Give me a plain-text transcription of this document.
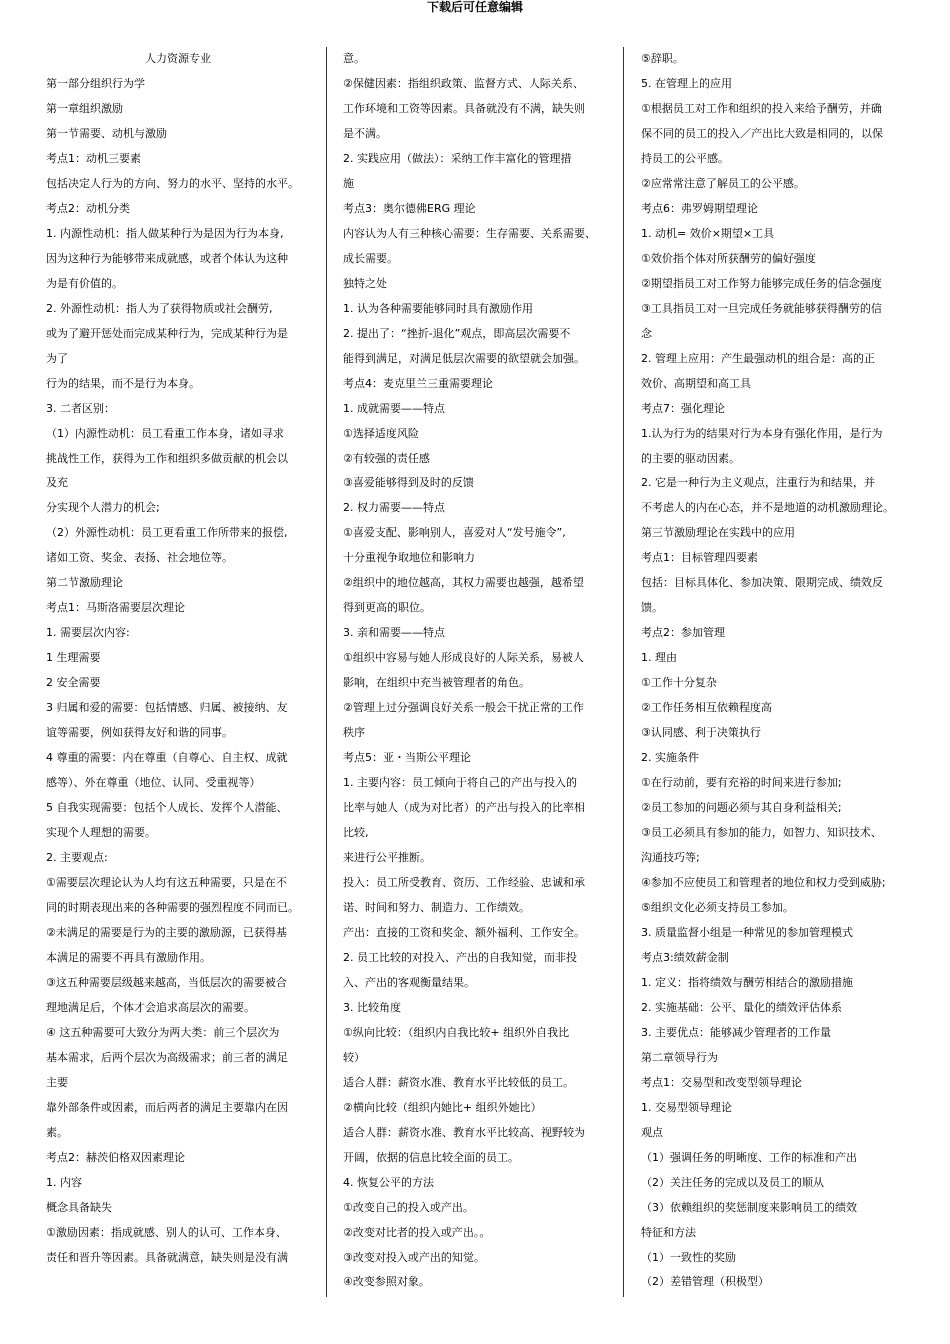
下载后可任意编辑
人力资源专业
第一部分组织行为学
第一章组织激励
第一节需要、动机与激励
考点1：动机三要素
包括决定人行为的方向、努力的水平、坚持的水平。
考点2：动机分类
1. 内源性动机：指人做某种行为是因为行为本身,
因为这种行为能够带来成就感，或者个体认为这种
为是有价值的。
2. 外源性动机：指人为了获得物质或社会酬劳,
或为了避开惩处而完成某种行为，完成某种行为是
为了
行为的结果，而不是行为本身。
3. 二者区别：
（1）内源性动机：员工看重工作本身，诸如寻求
挑战性工作，获得为工作和组织多做贡献的机会以
及充
分实现个人潜力的机会;
（2）外源性动机：员工更看重工作所带来的报偿,
诸如工资、奖金、表扬、社会地位等。
第二节激励理论
考点1：马斯洛需要层次理论
1. 需要层次内容:
1 生理需要
2 安全需要
3 归属和爱的需要：包括情感、归属、被接纳、友
谊等需要，例如获得友好和谐的同事。
4 尊重的需要：内在尊重（自尊心、自主权、成就
感等）、外在尊重（地位、认同、受重视等）
5 自我实现需要：包括个人成长、发挥个人潜能、
实现个人理想的需要。
2. 主要观点:
①需要层次理论认为人均有这五种需要，只是在不
同的时期表现出来的各种需要的强烈程度不同而已。
②未满足的需要是行为的主要的激励源，已获得基
本满足的需要不再具有激励作用。
③这五种需要层级越来越高，当低层次的需要被合
理地满足后，个体才会追求高层次的需要。
④ 这五种需要可大致分为两大类：前三个层次为
基本需求，后两个层次为高级需求；前三者的满足
主要
靠外部条件或因素，而后两者的满足主要靠内在因
素。
考点2：赫茨伯格双因素理论
1. 内容
概念具备缺失
①激励因素：指成就感、别人的认可、工作本身、
责任和晋升等因素。具备就满意，缺失则是没有满
意。
②保健因素：指组织政策、监督方式、人际关系、
工作环境和工资等因素。具备就没有不满，缺失则
是不满。
2. 实践应用（做法）：采纳工作丰富化的管理措
施
考点3：奥尔德佛ERG 理论
内容认为人有三种核心需要：生存需要、关系需要、
成长需要。
独特之处
1. 认为各种需要能够同时具有激励作用
2. 提出了：“挫折-退化”观点，即高层次需要不
能得到满足，对满足低层次需要的欲望就会加强。
考点4：麦克里兰三重需要理论
1. 成就需要——特点
①选择适度风险
②有较强的责任感
③喜爱能够得到及时的反馈
2. 权力需要——特点
①喜爱支配、影响别人，喜爱对人“发号施令”,
十分重视争取地位和影响力
②组织中的地位越高，其权力需要也越强，越希望
得到更高的职位。
3. 亲和需要——特点
①组织中容易与她人形成良好的人际关系，易被人
影响，在组织中充当被管理者的角色。
②管理上过分强调良好关系一般会干扰正常的工作
秩序
考点5：亚・当斯公平理论
1. 主要内容：员工倾向于将自己的产出与投入的
比率与她人（成为对比者）的产出与投入的比率相
比较,
来进行公平推断。
投入：员工所受教育、资历、工作经验、忠诚和承
诺、时间和努力、制造力、工作绩效。
产出：直接的工资和奖金、额外福利、工作安全。
2. 员工比较的对投入、产出的自我知觉，而非投
入、产出的客观衡量结果。
3. 比较角度
①纵向比较：（组织内自我比较+ 组织外自我比
较）
适合人群：薪资水准、教育水平比较低的员工。
②横向比较（组织内她比+ 组织外她比）
适合人群：薪资水准、教育水平比较高、视野较为
开阔，依据的信息比较全面的员工。
4. 恢复公平的方法
①改变自己的投入或产出。
②改变对比者的投入或产出。。
③改变对投入或产出的知觉。
④改变参照对象。
⑤辞职。
5. 在管理上的应用
①根据员工对工作和组织的投入来给予酬劳，并确
保不同的员工的投入／产出比大致是相同的，以保
持员工的公平感。
②应常常注意了解员工的公平感。
考点6：弗罗姆期望理论
1. 动机= 效价×期望×工具
①效价指个体对所获酬劳的偏好强度
②期望指员工对工作努力能够完成任务的信念强度
③工具指员工对一旦完成任务就能够获得酬劳的信
念
2. 管理上应用：产生最强动机的组合是：高的正
效价、高期望和高工具
考点7：强化理论
1.认为行为的结果对行为本身有强化作用，是行为
的主要的驱动因素。
2. 它是一种行为主义观点，注重行为和结果，并
不考虑人的内在心态，并不是地道的动机激励理论。
第三节激励理论在实践中的应用
考点1：目标管理四要素
包括：目标具体化、参加决策、限期完成、绩效反
馈。
考点2：参加管理
1. 理由
①工作十分复杂
②工作任务相互依赖程度高
③认同感、利于决策执行
2. 实施条件
①在行动前，要有充裕的时间来进行参加;
②员工参加的问题必须与其自身利益相关;
③员工必须具有参加的能力，如智力、知识技术、
沟通技巧等;
④参加不应使员工和管理者的地位和权力受到威胁;
⑤组织文化必须支持员工参加。
3. 质量监督小组是一种常见的参加管理模式
考点3:绩效薪金制
1. 定义：指将绩效与酬劳相结合的激励措施
2. 实施基础：公平、量化的绩效评估体系
3. 主要优点：能够减少管理者的工作量
第二章领导行为
考点1：交易型和改变型领导理论
1. 交易型领导理论
观点
（1）强调任务的明晰度、工作的标准和产出
（2）关注任务的完成以及员工的顺从
（3）依赖组织的奖惩制度来影响员工的绩效
特征和方法
（1）一致性的奖励
（2）差错管理（积极型）
